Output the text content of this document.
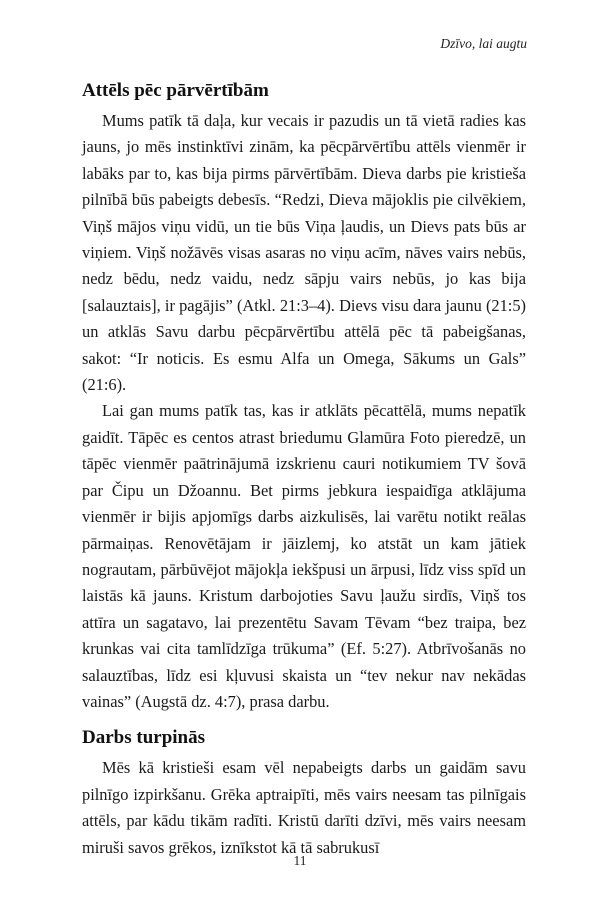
Dzīvo, lai augtu
Attēls pēc pārvērtībām

Mums patīk tā daļa, kur vecais ir pazudis un tā vietā radies kas jauns, jo mēs instinktīvi zinām, ka pēcpārvērtību attēls vienmēr ir labāks par to, kas bija pirms pārvērtībām. Dieva darbs pie kristieša pilnībā būs pabeigts debesīs. “Redzi, Dieva mājoklis pie cilvēkiem, Viņš mājos viņu vidū, un tie būs Viņa ļaudis, un Dievs pats būs ar viņiem. Viņš nožāvēs visas asaras no viņu acīm, nāves vairs nebūs, nedz bēdu, nedz vaidu, nedz sāpju vairs nebūs, jo kas bija [salauztais], ir pagājis” (Atkl. 21:3–4). Dievs visu dara jaunu (21:5) un atklās Savu darbu pēcpārvērtību attēlā pēc tā pabeigšanas, sakot: “Ir noticis. Es esmu Alfa un Omega, Sākums un Gals” (21:6).

Lai gan mums patīk tas, kas ir atklāts pēcattēlā, mums nepatīk gaidīt. Tāpēc es centos atrast briedumu Glamūra Foto pieredzē, un tāpēc vienmēr paātrinājumā izskrienu cauri notikumiem TV šovā par Čipu un Džoannu. Bet pirms jebkura iespaidīga atklājuma vienmēr ir bijis apjomīgs darbs aizkulisēs, lai varētu notikt reālas pārmaiņas. Renovētājam ir jāizlemj, ko atstāt un kam jātiek nograutam, pārbūvējot mājokļa iekšpusi un ārpusi, līdz viss spīd un laistās kā jauns. Kristum darbojoties Savu ļaužu sirdīs, Viņš tos attīra un sagatavo, lai prezentētu Savam Tēvam “bez traipa, bez krunkas vai cita tamlīdzīga trūkuma” (Ef. 5:27). Atbrīvošanās no salauztības, līdz esi kļuvusi skaista un “tev nekur nav nekādas vainas” (Augstā dz. 4:7), prasa darbu.

Darbs turpinās

Mēs kā kristieši esam vēl nepabeigts darbs un gaidām savu pilnīgo izpirkšanu. Grēka aptraipīti, mēs vairs neesam tas pilnīgais attēls, par kādu tikām radīti. Kristū darīti dzīvi, mēs vairs neesam miruši savos grēkos, iznīkstot kā tā sabrukusī

11
